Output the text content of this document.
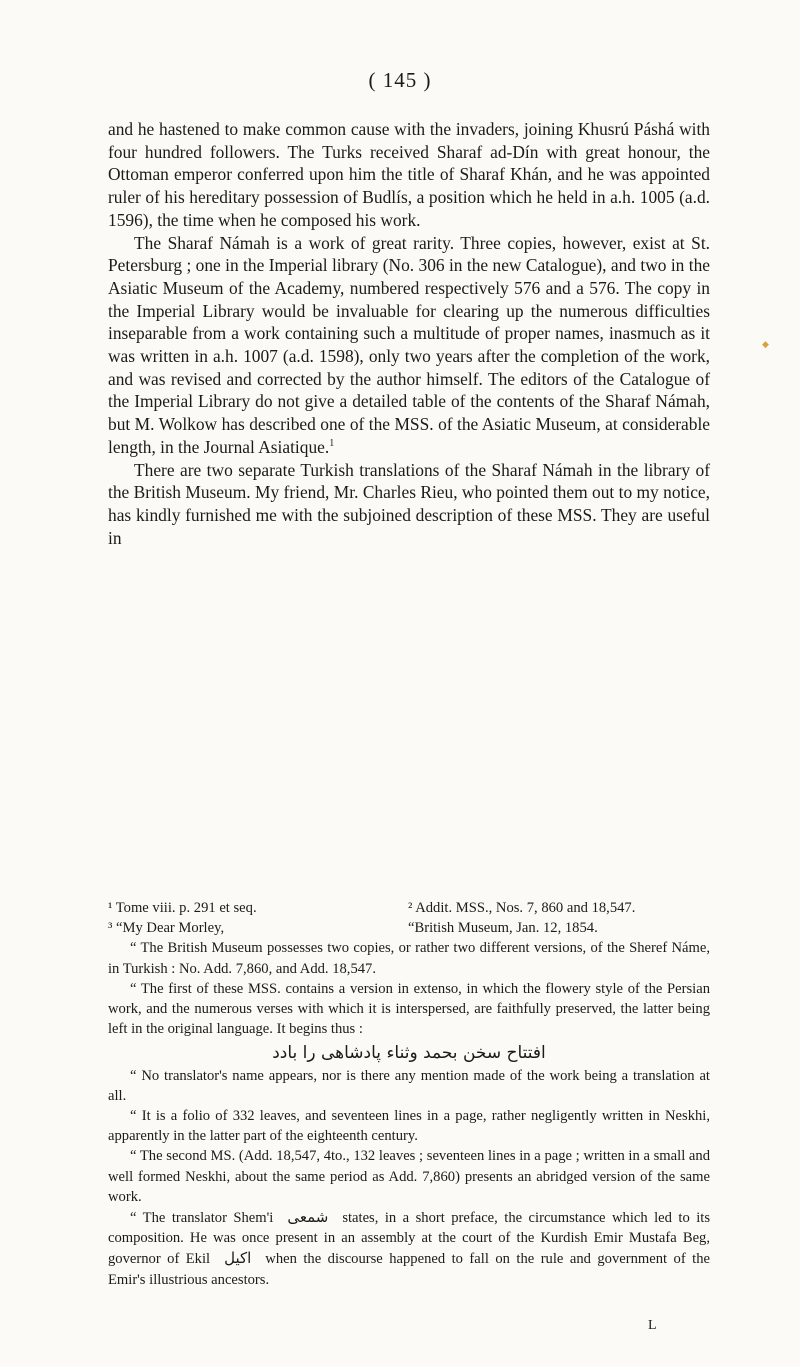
( 145 )

and he hastened to make common cause with the invaders, joining Khusrú Páshá with four hundred followers. The Turks received Sharaf ad-Dín with great honour, the Ottoman emperor conferred upon him the title of Sharaf Khán, and he was appointed ruler of his hereditary possession of Budlís, a position which he held in a.h. 1005 (a.d. 1596), the time when he composed his work.

The Sharaf Námah is a work of great rarity. Three copies, however, exist at St. Petersburg ; one in the Imperial library (No. 306 in the new Catalogue), and two in the Asiatic Museum of the Academy, numbered respectively 576 and a 576. The copy in the Imperial Library would be invaluable for clearing up the numerous difficulties inseparable from a work containing such a multitude of proper names, inasmuch as it was written in a.h. 1007 (a.d. 1598), only two years after the completion of the work, and was revised and corrected by the author himself. The editors of the Catalogue of the Imperial Library do not give a detailed table of the contents of the Sharaf Námah, but M. Wolkow has described one of the MSS. of the Asiatic Museum, at considerable length, in the Journal Asiatique.$^1$

There are two separate Turkish translations of the Sharaf Námah in the library of the British Museum. My friend, Mr. Charles Rieu, who pointed them out to my notice, has kindly furnished me with the subjoined description of these MSS. They are useful in

¹ Tome viii. p. 291 et seq.	² Addit. MSS., Nos. 7, 860 and 18,547.
³ “My Dear Morley,	“British Museum, Jan. 12, 1854.

“ The British Museum possesses two copies, or rather two different versions, of the Sheref Náme, in Turkish : No. Add. 7,860, and Add. 18,547.

“ The first of these MSS. contains a version in extenso, in which the flowery style of the Persian work, and the numerous verses with which it is interspersed, are faithfully preserved, the latter being left in the original language. It begins thus :

افتتاح سخن بحمد وثناء پادشاهی را بادد

“ No translator's name appears, nor is there any mention made of the work being a translation at all.

“ It is a folio of 332 leaves, and seventeen lines in a page, rather negligently written in Neskhi, apparently in the latter part of the eighteenth century.

“ The second MS. (Add. 18,547, 4to., 132 leaves ; seventeen lines in a page ; written in a small and well formed Neskhi, about the same period as Add. 7,860) presents an abridged version of the same work.

“ The translator Shem'i شمعی states, in a short preface, the circumstance which led to its composition. He was once present in an assembly at the court of the Kurdish Emir Mustafa Beg, governor of Ekil اکیل when the discourse happened to fall on the rule and government of the Emir's illustrious ancestors.

L
◆
